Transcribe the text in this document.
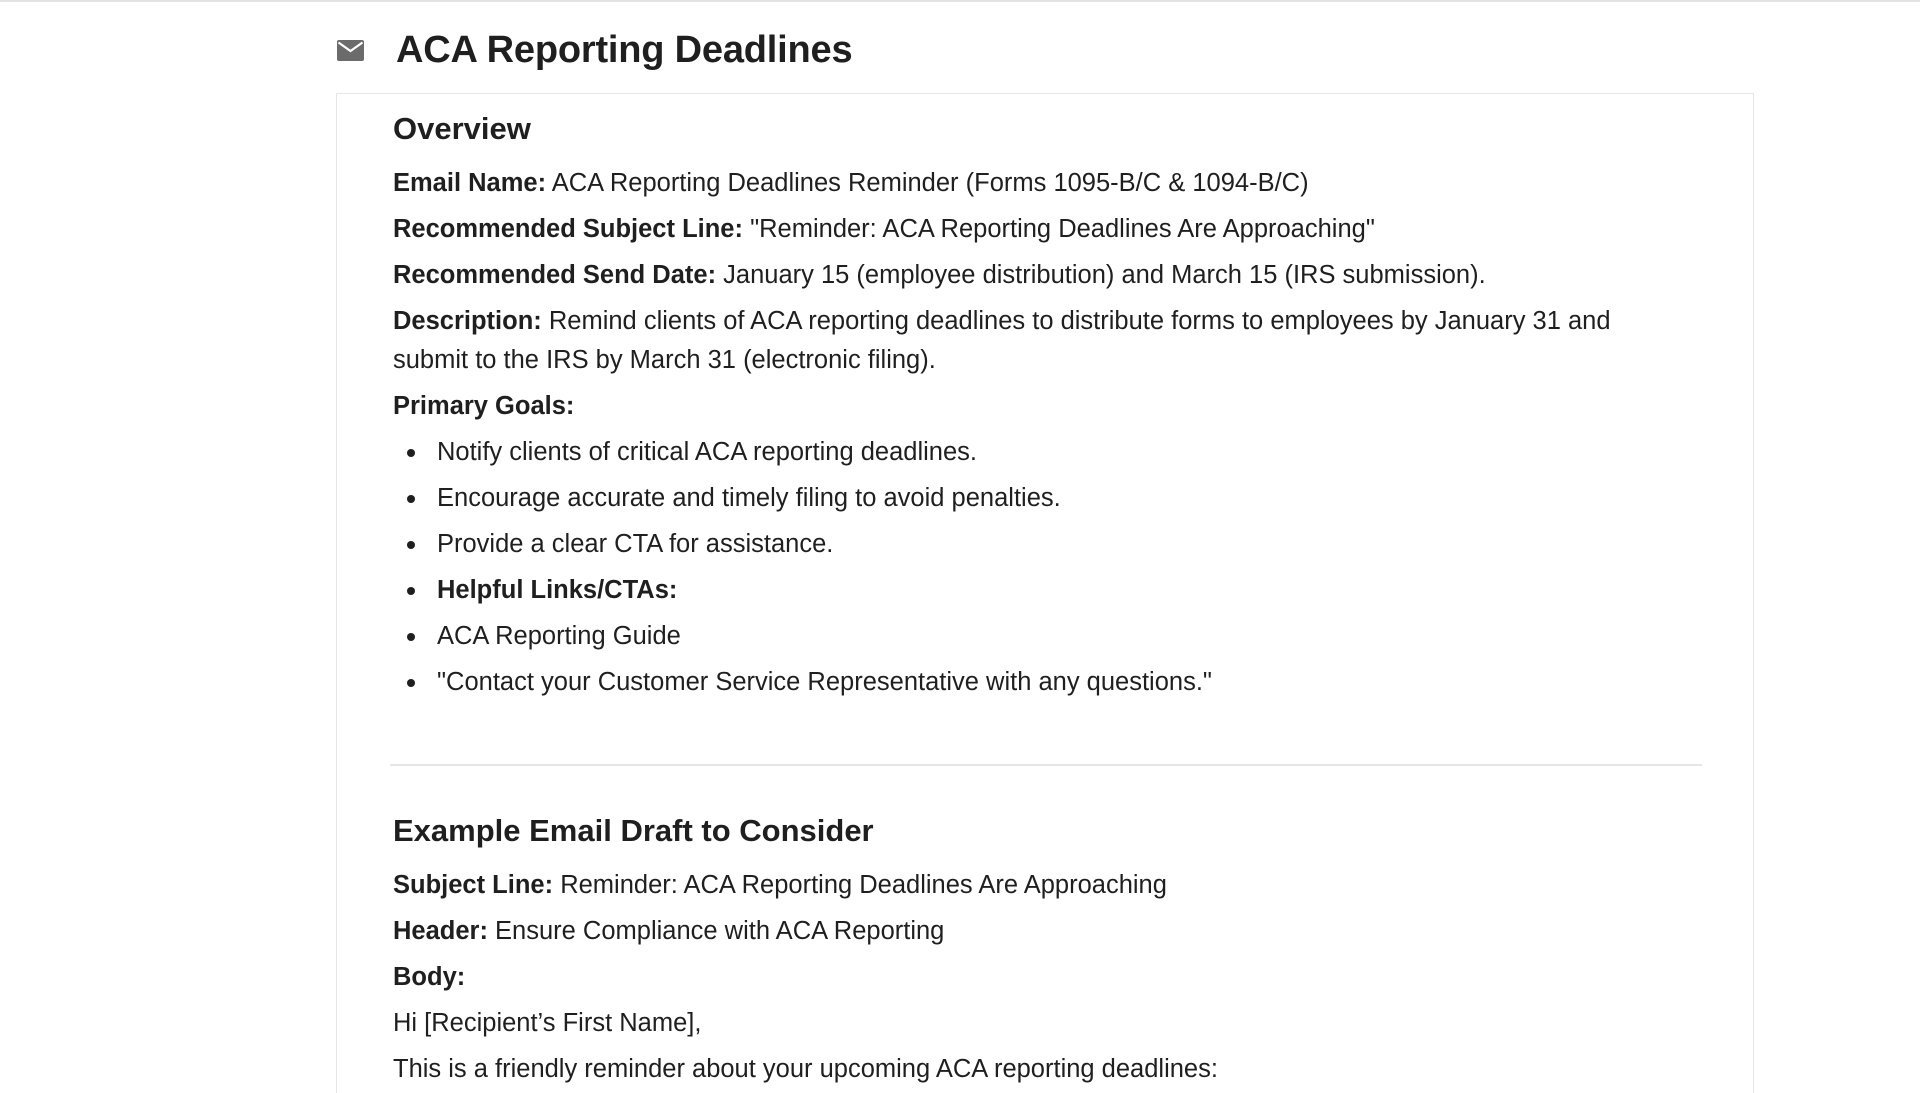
ACA Reporting Deadlines
Overview

Email Name: ACA Reporting Deadlines Reminder (Forms 1095-B/C & 1094-B/C)

Recommended Subject Line: "Reminder: ACA Reporting Deadlines Are Approaching"

Recommended Send Date: January 15 (employee distribution) and March 15 (IRS submission).

Description: Remind clients of ACA reporting deadlines to distribute forms to employees by January 31 and
submit to the IRS by March 31 (electronic filing).

Primary Goals:

Notify clients of critical ACA reporting deadlines.
Encourage accurate and timely filing to avoid penalties.
Provide a clear CTA for assistance.
Helpful Links/CTAs:
ACA Reporting Guide
"Contact your Customer Service Representative with any questions."
Example Email Draft to Consider

Subject Line: Reminder: ACA Reporting Deadlines Are Approaching

Header: Ensure Compliance with ACA Reporting

Body:

Hi [Recipient’s First Name],

This is a friendly reminder about your upcoming ACA reporting deadlines:
